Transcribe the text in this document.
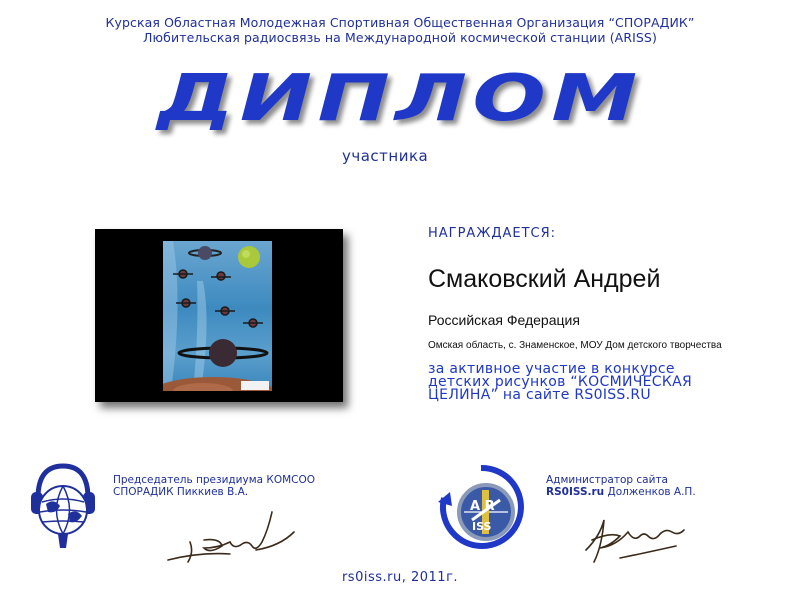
Курская Областная Молодежная Спортивная Общественная Организация “СПОРАДИК”
Любительская радиосвязь на Международной космической станции (ARISS)
ДИПЛОМ
участника
НАГРАЖДАЕТСЯ:
Смаковский Андрей
Российская Федерация
Омская область, с. Знаменское, МОУ Дом детского творчества
за активное участие в конкурсе
детских рисунков “КОСМИЧЕСКАЯ
ЦЕЛИНА” на сайте RS0ISS.RU
Председатель президиума КОМСОО
СПОРАДИК Пиккиев В.А.
A R
ISS
Администратор сайта
RS0ISS.ru Долженков А.П.
rs0iss.ru, 2011г.
